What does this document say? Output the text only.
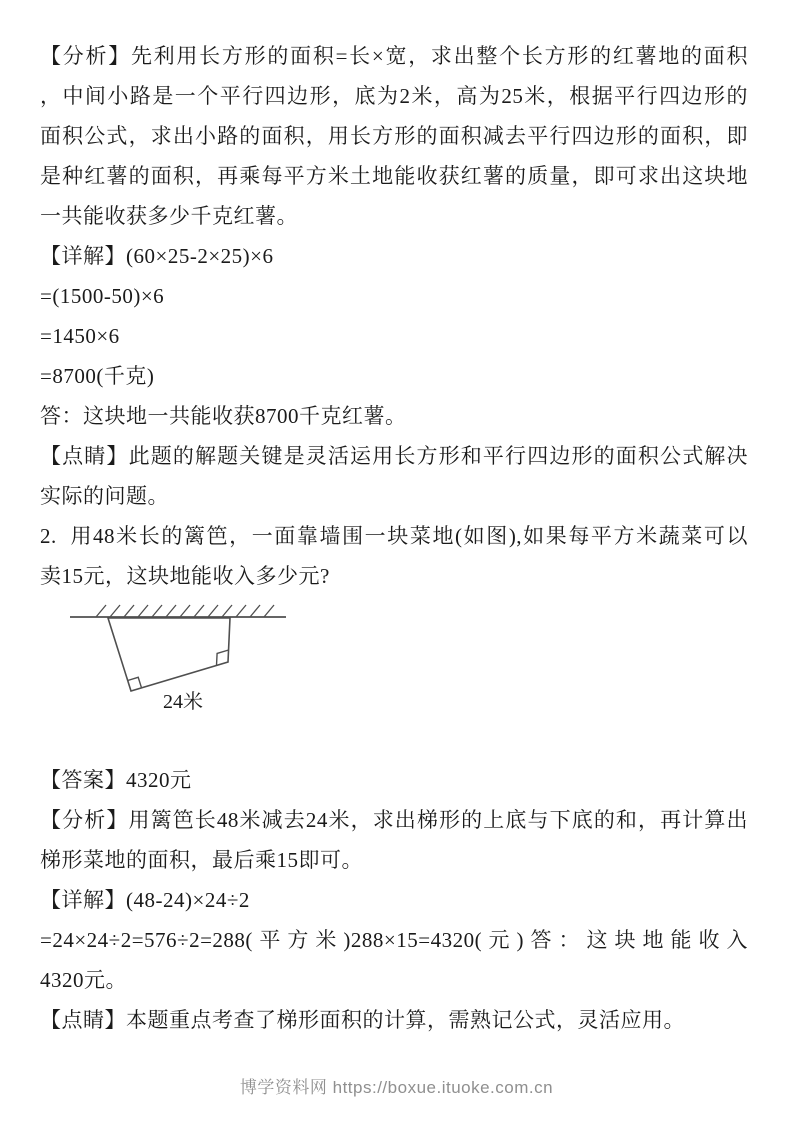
【分析】先利用长方形的面积=长×宽，求出整个长方形的红薯地的面积
，中间小路是一个平行四边形，底为2米，高为25米，根据平行四边形的
面积公式，求出小路的面积，用长方形的面积减去平行四边形的面积，即
是种红薯的面积，再乘每平方米土地能收获红薯的质量，即可求出这块地
一共能收获多少千克红薯。
【详解】(60×25-2×25)×6
=(1500-50)×6
=1450×6
=8700(千克)
答：这块地一共能收获8700千克红薯。
【点睛】此题的解题关键是灵活运用长方形和平行四边形的面积公式解决
实际的问题。
2.  用48米长的篱笆，一面靠墙围一块菜地(如图),如果每平方米蔬菜可以
卖15元，这块地能收入多少元?
24米
【答案】4320元
【分析】用篱笆长48米减去24米，求出梯形的上底与下底的和，再计算出
梯形菜地的面积，最后乘15即可。
【详解】(48-24)×24÷2
=24×24÷2=576÷2=288(平方米)288×15=4320(元)答：这块地能收入
4320元。
【点睛】本题重点考查了梯形面积的计算，需熟记公式，灵活应用。
博学资料网 https://boxue.ituoke.com.cn
